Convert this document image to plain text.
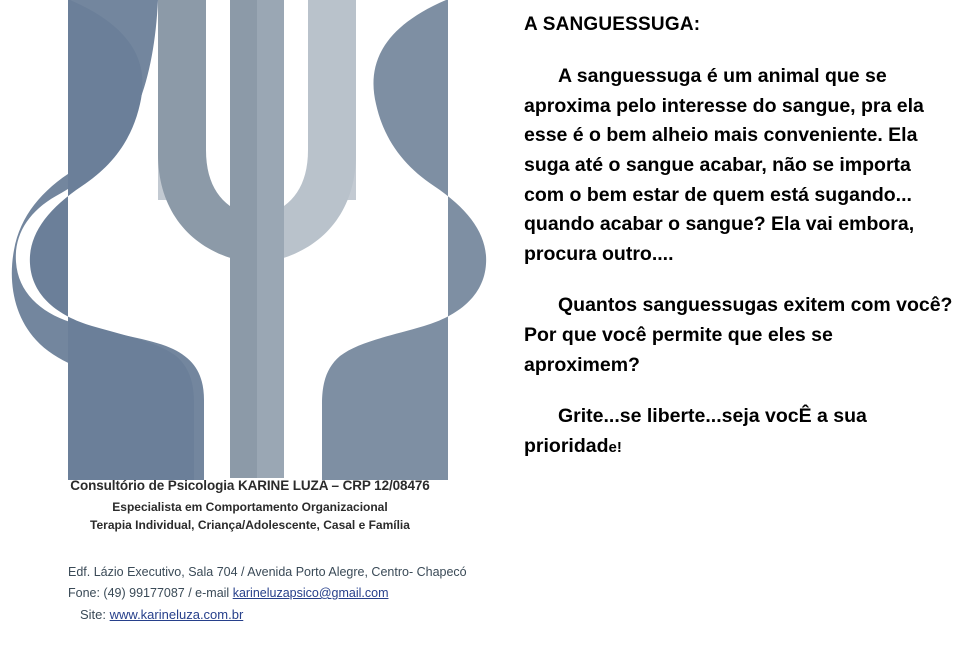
Consultório de Psicologia KARINE LUZA – CRP 12/08476
Especialista em Comportamento Organizacional
Terapia Individual, Criança/Adolescente, Casal e Família
Edf. Lázio Executivo, Sala 704 / Avenida Porto Alegre, Centro- Chapecó
Fone: (49) 99177087 / e-mail karineluzapsico@gmail.com
Site: www.karineluza.com.br
A SANGUESSUGA:

A sanguessuga é um animal que se aproxima pelo interesse do sangue, pra ela esse é o bem alheio mais conveniente. Ela suga até o sangue acabar, não se importa com o bem estar de quem está sugando... quando acabar o sangue? Ela vai embora, procura outro....

Quantos sanguessugas exitem com você? Por que você permite que eles se aproximem?

Grite...se liberte...seja vocÊ a sua prioridade!
